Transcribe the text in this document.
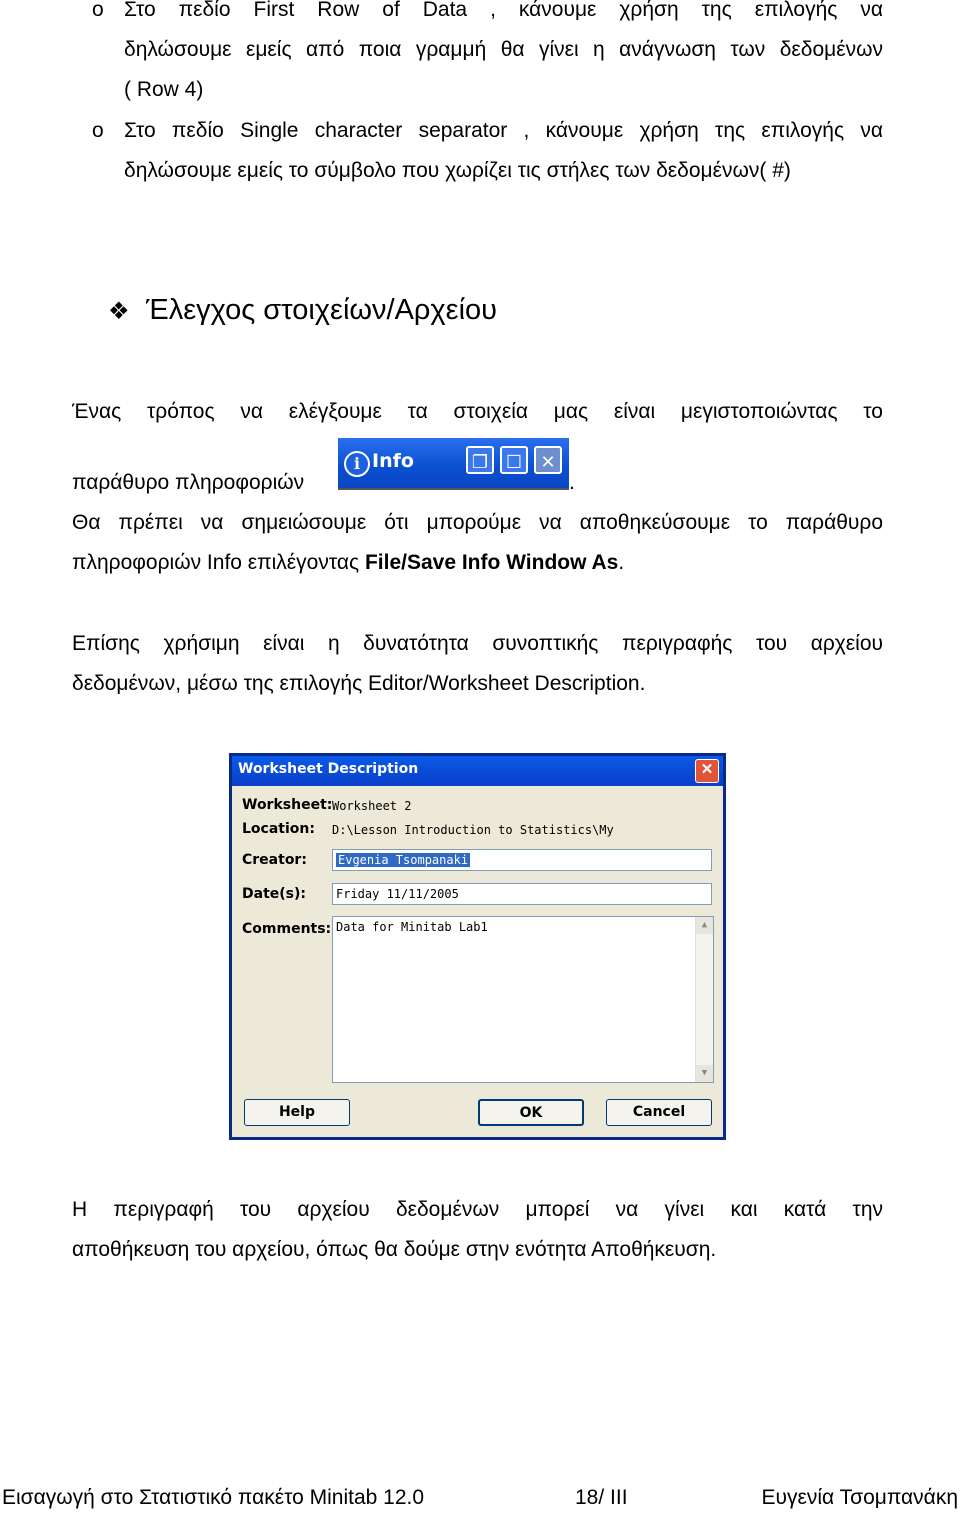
o Στο πεδίο First Row of Data , κάνουμε χρήση της επιλογής να
δηλώσουμε εμείς από ποια γραμμή θα γίνει η ανάγνωση των δεδομένων
( Row 4)
o Στο πεδίο Single character separator , κάνουμε χρήση της επιλογής να
δηλώσουμε εμείς το σύμβολο που χωρίζει τις στήλες των δεδομένων( #)
❖ Έλεγχος στοιχείων/Αρχείου
Ένας τρόπος να ελέγξουμε τα στοιχεία μας είναι μεγιστοποιώντας το
παράθυρο πληροφοριών	.
i Info	❐ ☐	✕
Θα πρέπει να σημειώσουμε ότι μπορούμε να αποθηκεύσουμε το παράθυρο
πληροφοριών Info επιλέγοντας File/Save Info Window As.
Επίσης χρήσιμη είναι η δυνατότητα συνοπτικής περιγραφής του αρχείου
δεδομένων, μέσω της επιλογής Editor/Worksheet Description.
Worksheet Description	✕
Worksheet: Worksheet 2
Location: D:\Lesson Introduction to Statistics\My
Creator:	Evgenia Tsompanaki
Date(s):	Friday 11/11/2005
Comments: Data for Minitab Lab1	▲
▼
Help	OK	Cancel
Η περιγραφή του αρχείου δεδομένων μπορεί να γίνει και κατά την
αποθήκευση του αρχείου, όπως θα δούμε στην ενότητα Αποθήκευση.
Εισαγωγή στο Στατιστικό πακέτο Minitab 12.0	18/ III	Ευγενία Τσομπανάκη
